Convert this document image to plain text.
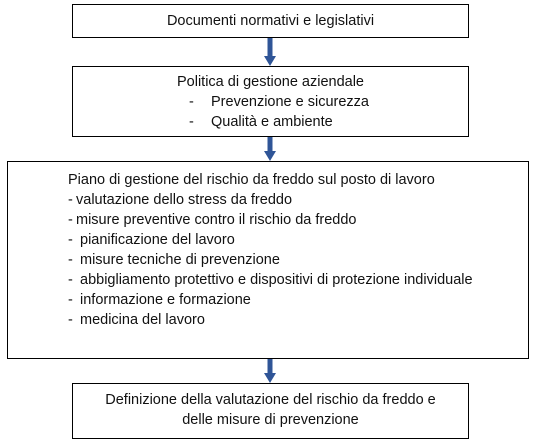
Documenti normativi e legislativi
Politica di gestione aziendale
- Prevenzione e sicurezza
- Qualità e ambiente
Piano di gestione del rischio da freddo sul posto di lavoro
- valutazione dello stress da freddo
- misure preventive contro il rischio da freddo
- pianificazione del lavoro
- misure tecniche di prevenzione
- abbigliamento protettivo e dispositivi di protezione individuale
- informazione e formazione
- medicina del lavoro
Definizione della valutazione del rischio da freddo e
delle misure di prevenzione
